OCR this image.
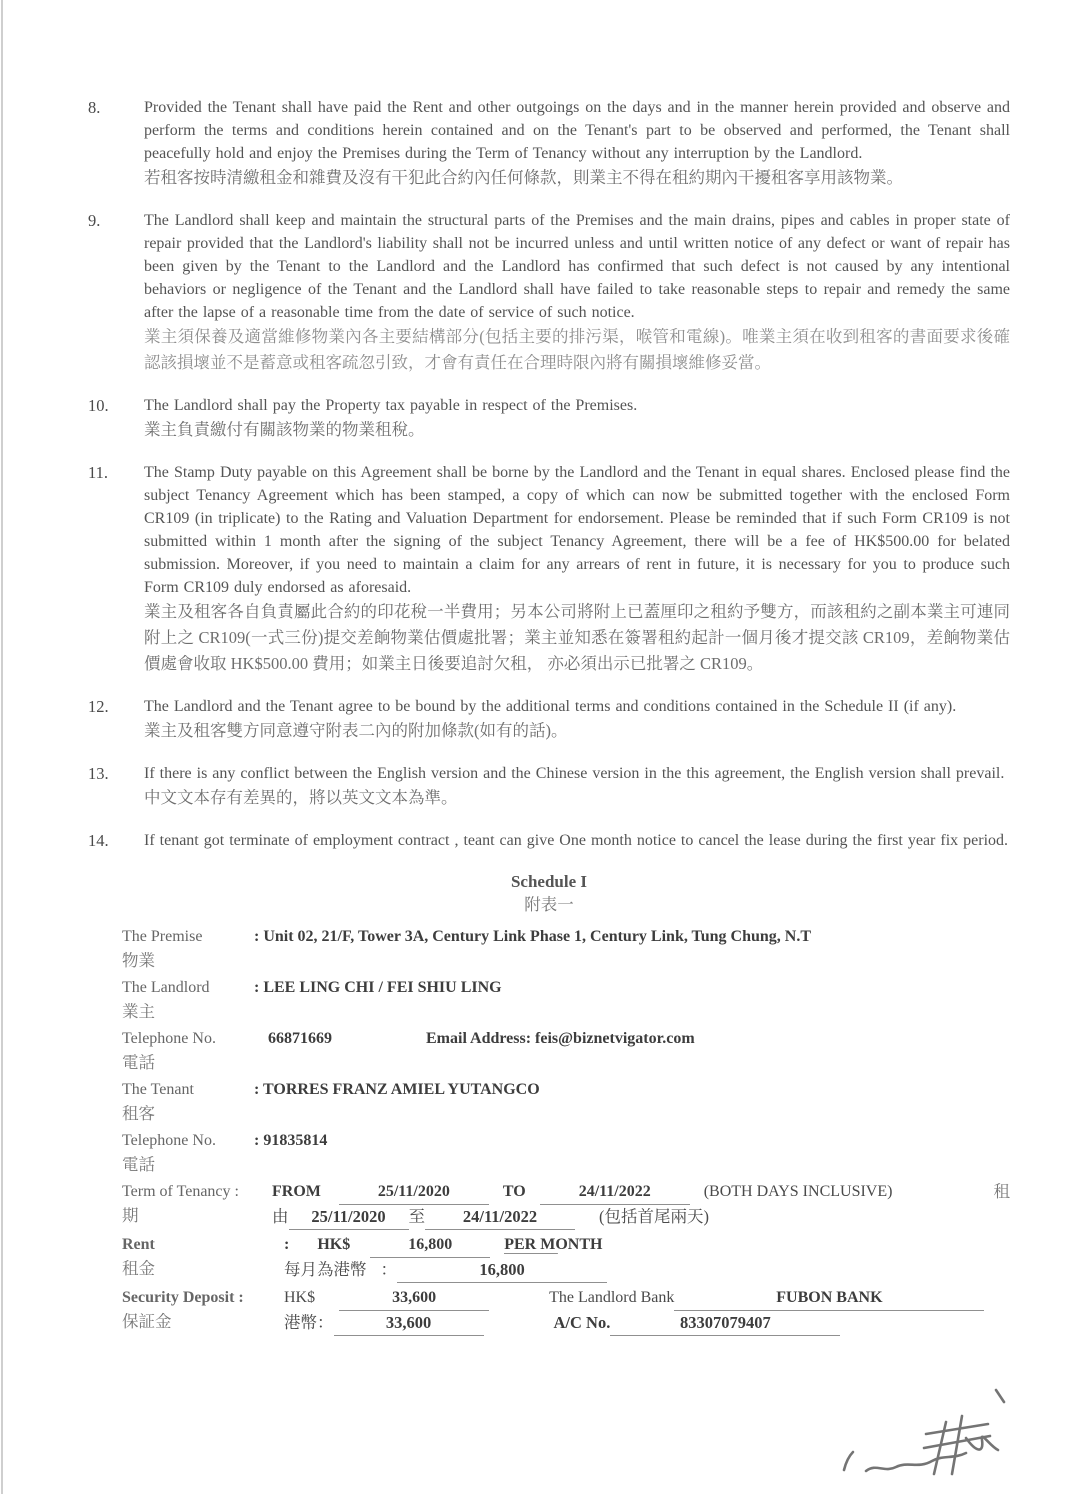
8.	Provided the Tenant shall have paid the Rent and other outgoings on the days and in the manner herein provided and observe and perform the terms and conditions herein contained and on the Tenant's part to be observed and performed, the Tenant shall peacefully hold and enjoy the Premises during the Term of Tenancy without any interruption by the Landlord.

若租客按時清繳租金和雜費及沒有干犯此合約內任何條款，則業主不得在租約期內干擾租客享用該物業。

9.	The Landlord shall keep and maintain the structural parts of the Premises and the main drains, pipes and cables in proper state of repair provided that the Landlord's liability shall not be incurred unless and until written notice of any defect or want of repair has been given by the Tenant to the Landlord and the Landlord has confirmed that such defect is not caused by any intentional behaviors or negligence of the Tenant and the Landlord shall have failed to take reasonable steps to repair and remedy the same after the lapse of a reasonable time from the date of service of such notice.

業主須保養及適當維修物業內各主要結構部分(包括主要的排污渠，喉管和電線)。唯業主須在收到租客的書面要求後確認該損壞並不是蓄意或租客疏忽引致，才會有責任在合理時限內將有關損壞維修妥當。

10.	The Landlord shall pay the Property tax payable in respect of the Premises.

業主負責繳付有關該物業的物業租稅。

11.	The Stamp Duty payable on this Agreement shall be borne by the Landlord and the Tenant in equal shares. Enclosed please find the subject Tenancy Agreement which has been stamped, a copy of which can now be submitted together with the enclosed Form CR109 (in triplicate) to the Rating and Valuation Department for endorsement. Please be reminded that if such Form CR109 is not submitted within 1 month after the signing of the subject Tenancy Agreement, there will be a fee of HK$500.00 for belated submission. Moreover, if you need to maintain a claim for any arrears of rent in future, it is necessary for you to produce such Form CR109 duly endorsed as aforesaid.

業主及租客各自負責屬此合約的印花稅一半費用；另本公司將附上已蓋厘印之租約予雙方，而該租約之副本業主可連同附上之 CR109(一式三份)提交差餉物業估價處批署；業主並知悉在簽署租約起計一個月後才提交該 CR109，差餉物業估價處會收取 HK$500.00 費用；如業主日後要追討欠租， 亦必須出示已批署之 CR109。

12.	The Landlord and the Tenant agree to be bound by the additional terms and conditions contained in the Schedule II (if any).

業主及租客雙方同意遵守附表二內的附加條款(如有的話)。

13.	If there is any conflict between the English version and the Chinese version in the this agreement, the English version shall prevail.

中文文本存有差異的，將以英文文本為準。

14.	If tenant got terminate of employment contract , teant can give One month notice to cancel the lease during the first year fix period.

Schedule I
附表一
The Premise
物業
: Unit 02, 21/F, Tower 3A, Century Link Phase 1, Century Link, Tung Chung, N.T
The Landlord
業主
: LEE LING CHI / FEI SHIU LING
Telephone No.
電話
66871669	Email Address: feis@biznetvigator.com
The Tenant
租客
: TORRES FRANZ AMIEL YUTANGCO
Telephone No.
電話
: 91835814
Term of Tenancy :
期
FROM	25/11/2020	TO	24/11/2022	(BOTH DAYS INCLUSIVE)	租
由 25/11/2020 至 24/11/2022	(包括首尾兩天)
Rent
租金
: HK$	16,800	PER MONTH
每月為港幣 ：	16,800
Security Deposit :
保証金
HK$	33,600	The Landlord Bank	FUBON BANK
港幣：	33,600	A/C No.	83307079407
